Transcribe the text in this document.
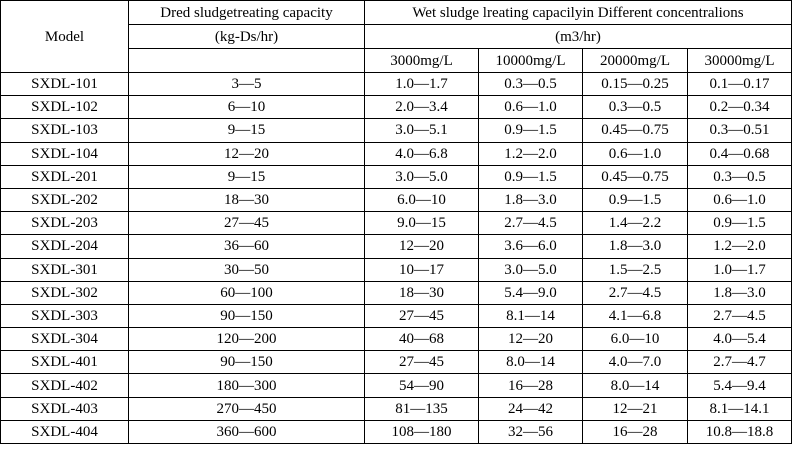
Model	Dred sludgetreating capacity	Wet sludge lreating capacilyin Different concentralions			
	(kg-Ds/hr)	(m3/hr)			
		3000mg/L	10000mg/L	20000mg/L	30000mg/L
SXDL-101	3—5	1.0—1.7	0.3—0.5	0.15—0.25	0.1—0.17
SXDL-102	6—10	2.0—3.4	0.6—1.0	0.3—0.5	0.2—0.34
SXDL-103	9—15	3.0—5.1	0.9—1.5	0.45—0.75	0.3—0.51
SXDL-104	12—20	4.0—6.8	1.2—2.0	0.6—1.0	0.4—0.68
SXDL-201	9—15	3.0—5.0	0.9—1.5	0.45—0.75	0.3—0.5
SXDL-202	18—30	6.0—10	1.8—3.0	0.9—1.5	0.6—1.0
SXDL-203	27—45	9.0—15	2.7—4.5	1.4—2.2	0.9—1.5
SXDL-204	36—60	12—20	3.6—6.0	1.8—3.0	1.2—2.0
SXDL-301	30—50	10—17	3.0—5.0	1.5—2.5	1.0—1.7
SXDL-302	60—100	18—30	5.4—9.0	2.7—4.5	1.8—3.0
SXDL-303	90—150	27—45	8.1—14	4.1—6.8	2.7—4.5
SXDL-304	120—200	40—68	12—20	6.0—10	4.0—5.4
SXDL-401	90—150	27—45	8.0—14	4.0—7.0	2.7—4.7
SXDL-402	180—300	54—90	16—28	8.0—14	5.4—9.4
SXDL-403	270—450	81—135	24—42	12—21	8.1—14.1
SXDL-404	360—600	108—180	32—56	16—28	10.8—18.8
